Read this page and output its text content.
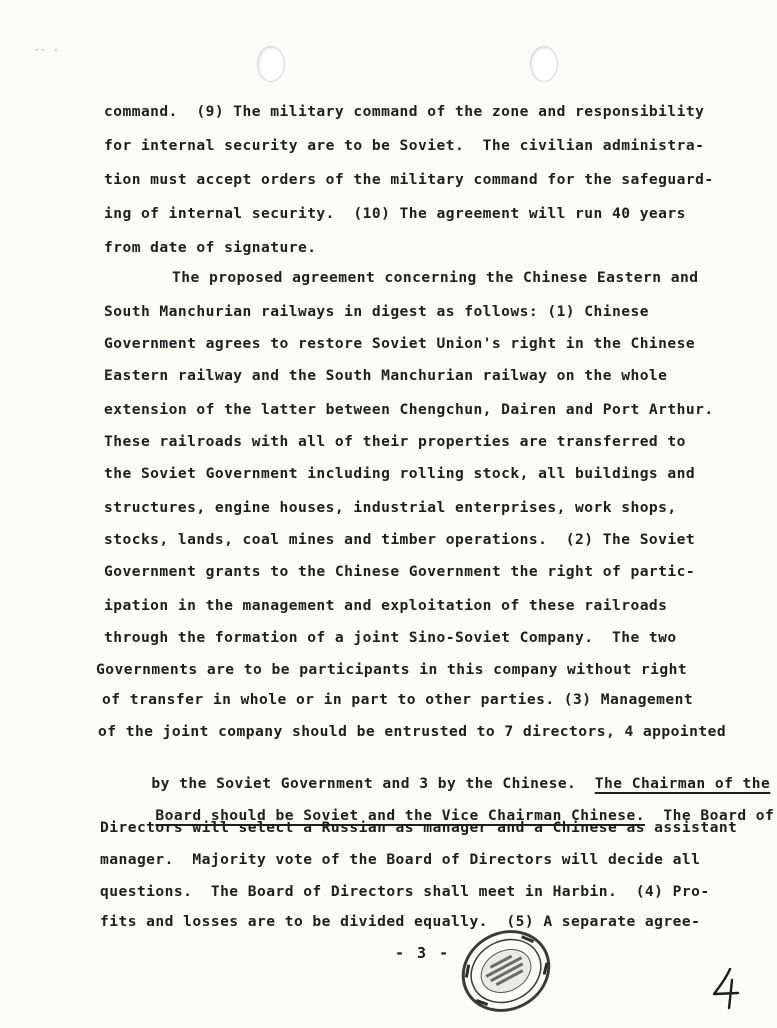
·· ·
command.  (9) The military command of the zone and responsibility
for internal security are to be Soviet.  The civilian administra-
tion must accept orders of the military command for the safeguard-
ing of internal security.  (10) The agreement will run 40 years
from date of signature.
The proposed agreement concerning the Chinese Eastern and
South Manchurian railways in digest as follows: (1) Chinese
Government agrees to restore Soviet Union's right in the Chinese
Eastern railway and the South Manchurian railway on the whole
extension of the latter between Chengchun, Dairen and Port Arthur.
These railroads with all of their properties are transferred to
the Soviet Government including rolling stock, all buildings and
structures, engine houses, industrial enterprises, work shops,
stocks, lands, coal mines and timber operations.  (2) The Soviet
Government grants to the Chinese Government the right of partic-
ipation in the management and exploitation of these railroads
through the formation of a joint Sino-Soviet Company.  The two
Governments are to be participants in this company without right
of transfer in whole or in part to other parties. (3) Management
of the joint company should be entrusted to 7 directors, 4 appointed

by the Soviet Government and 3 by the Chinese.  The Chairman of the

Board should be Soviet and the Vice Chairman Chinese.  The Board of

Directors will select a Russian as manager and a Chinese as assistant
manager.  Majority vote of the Board of Directors will decide all
questions.  The Board of Directors shall meet in Harbin.  (4) Pro-
fits and losses are to be divided equally.  (5) A separate agree-
- 3 -
